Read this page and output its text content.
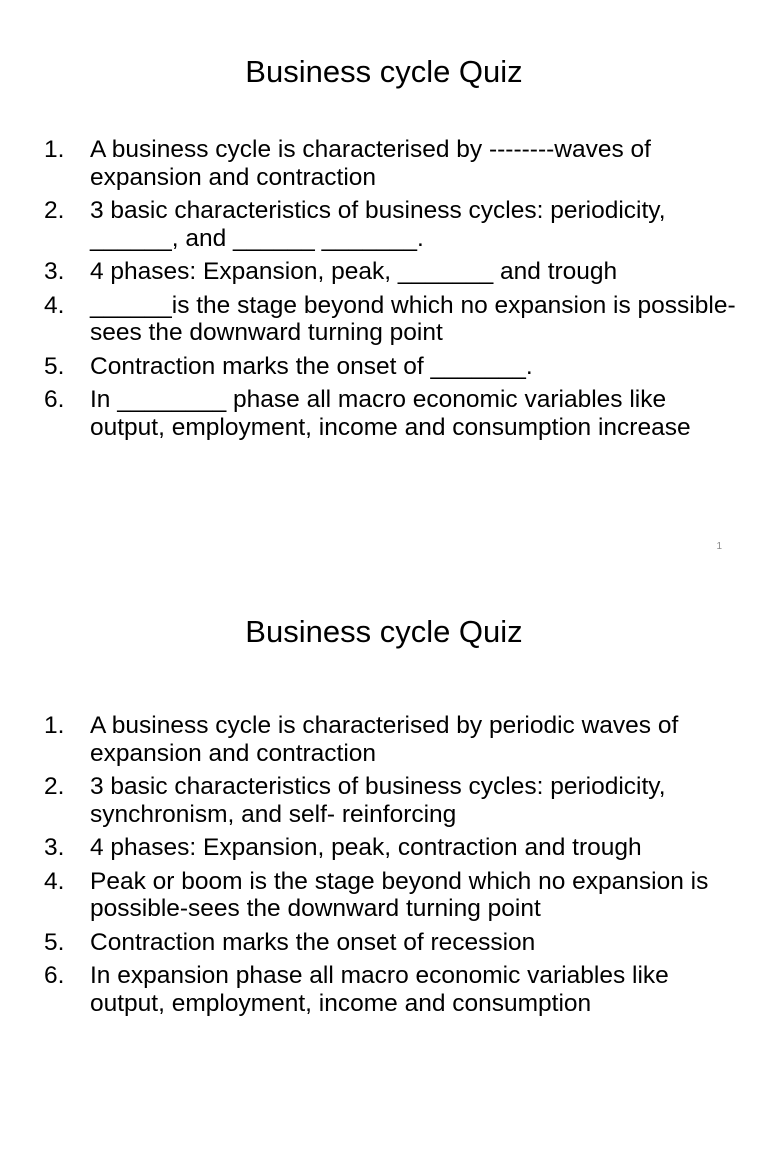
Business cycle Quiz
1. A business cycle is characterised by --------waves of expansion and contraction
2. 3 basic characteristics of business cycles: periodicity, ______, and ______ _______.
3. 4 phases: Expansion, peak, _______ and trough
4. ______is the stage beyond which no expansion is possible-sees the downward turning point
5. Contraction marks the onset of _______.
6. In ________ phase all macro economic variables like output, employment, income and consumption increase
1
Business cycle Quiz
1. A business cycle is characterised by periodic waves of expansion and contraction
2. 3 basic characteristics of business cycles: periodicity, synchronism, and self- reinforcing
3. 4 phases: Expansion, peak, contraction and trough
4. Peak or boom is the stage beyond which no expansion is possible-sees the downward turning point
5. Contraction marks the onset of recession
6. In expansion phase all macro economic variables like output, employment, income and consumption
